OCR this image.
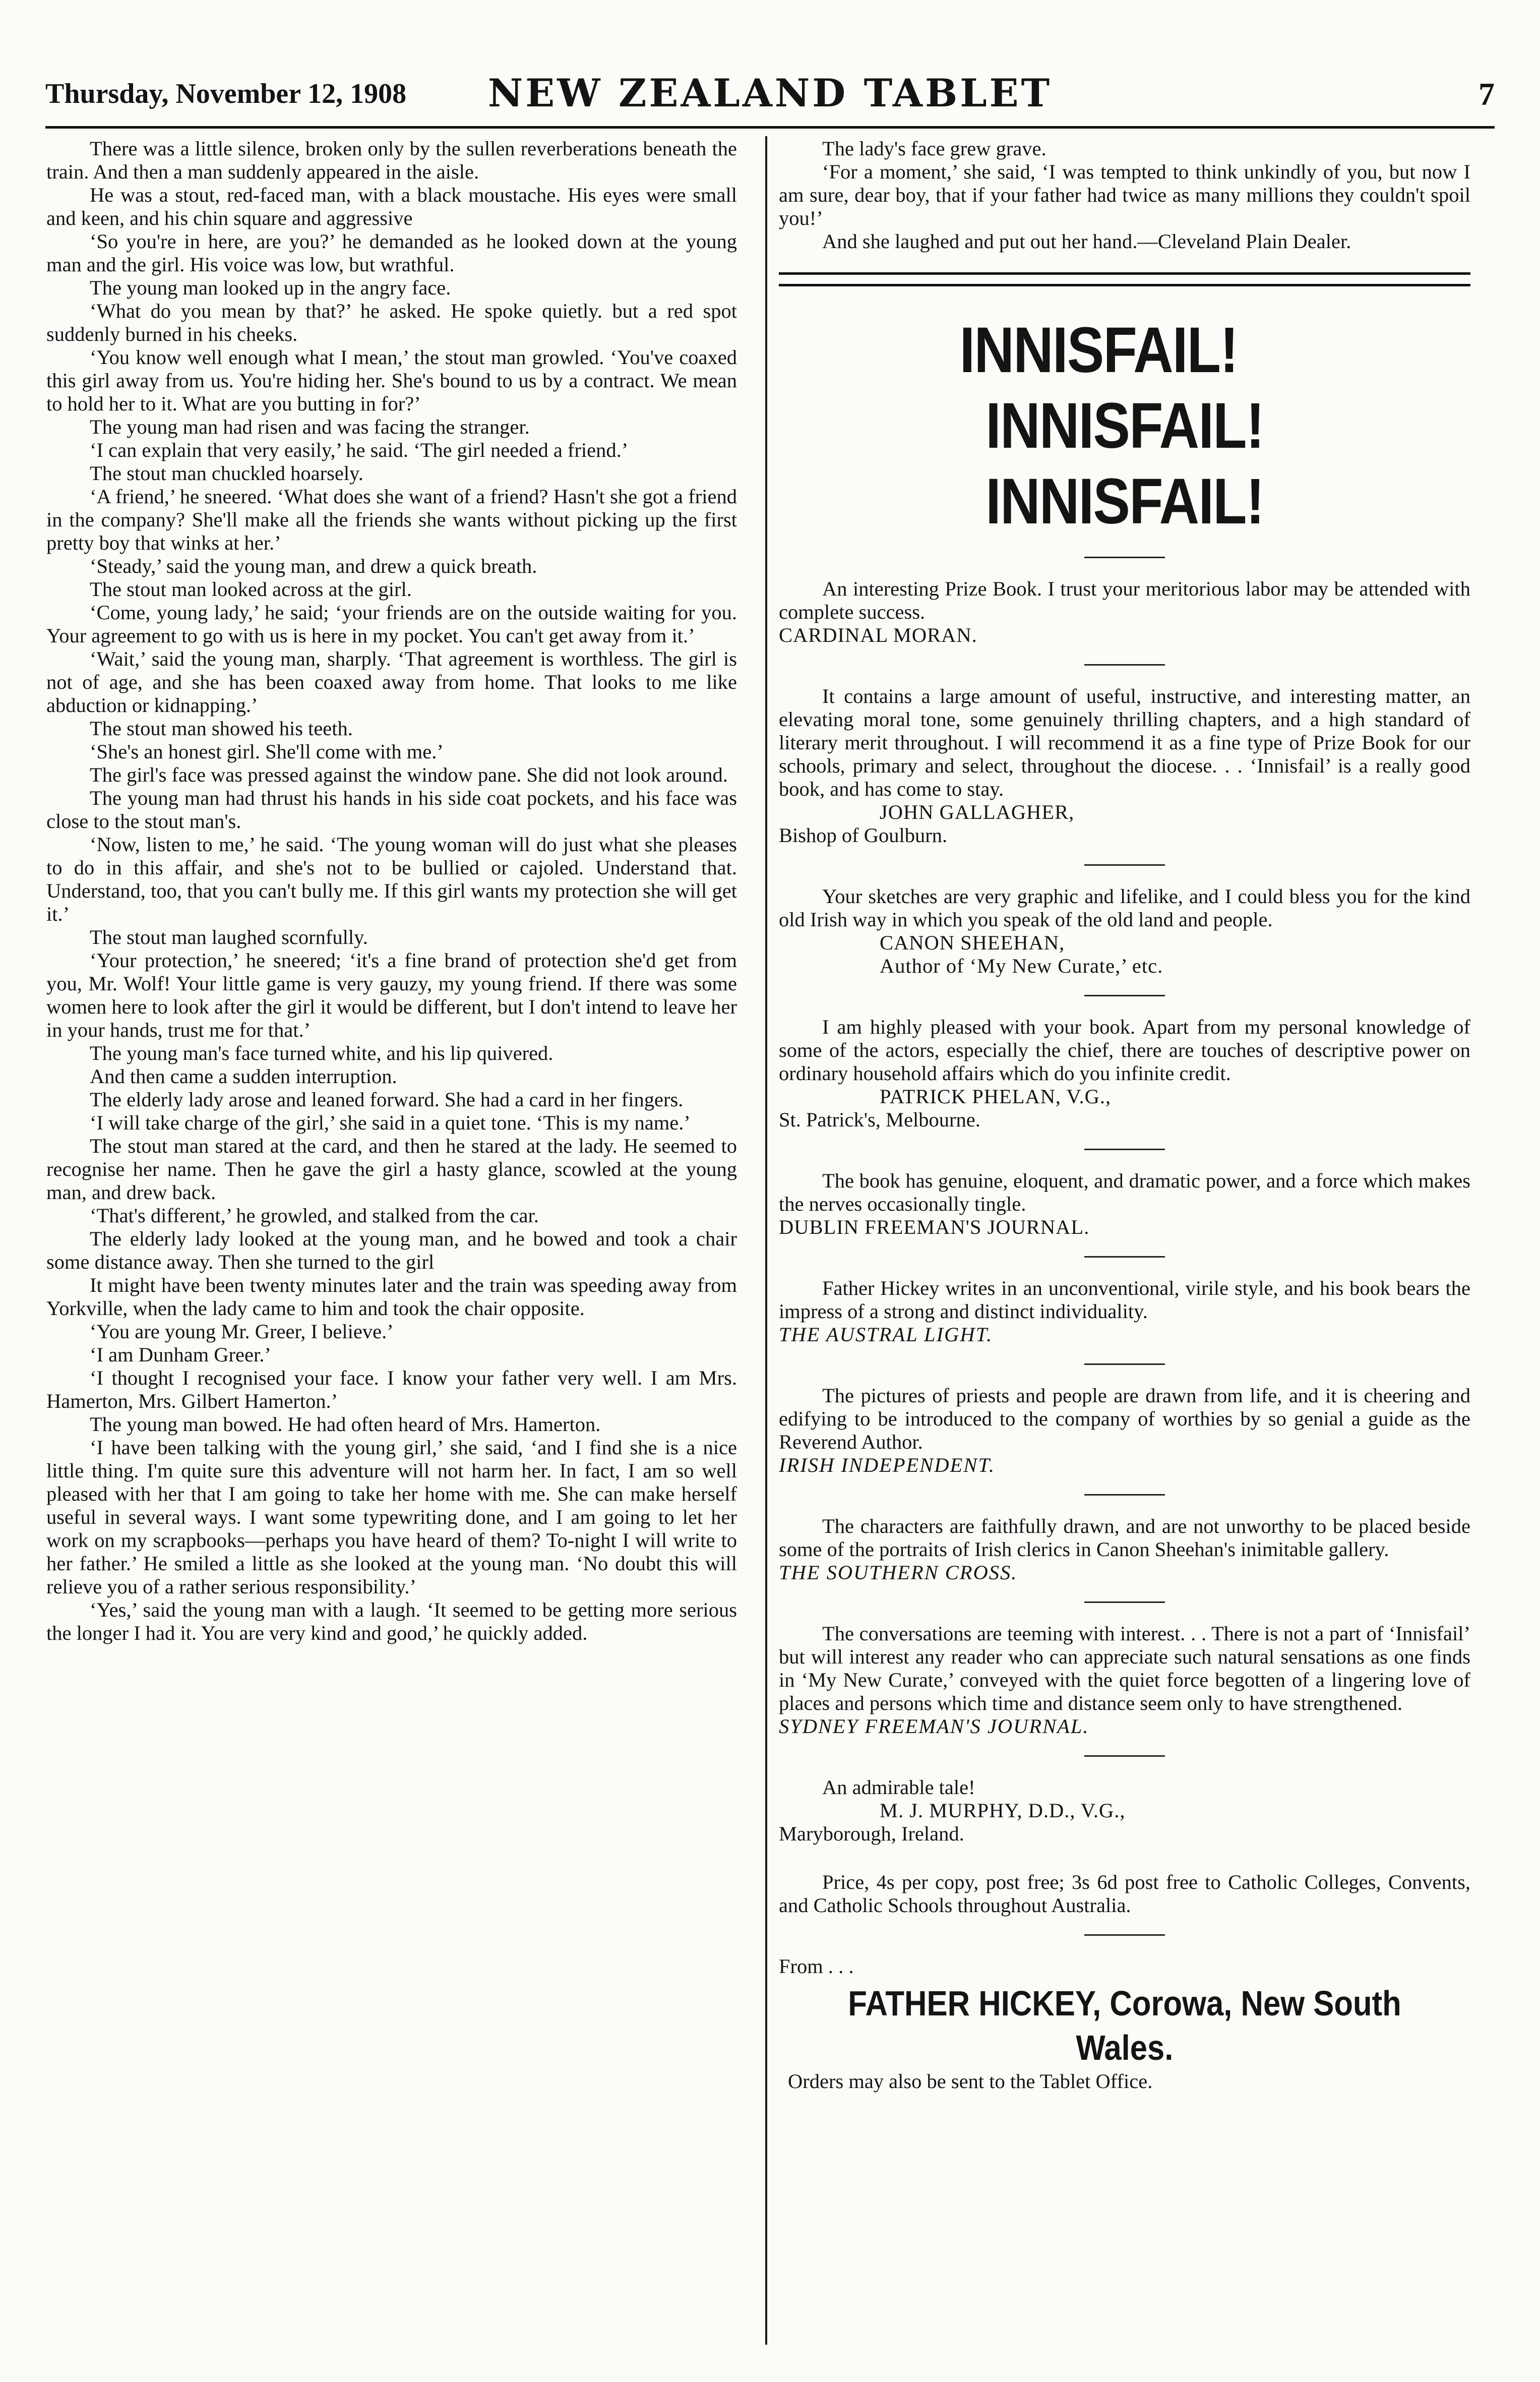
Thursday, November 12, 1908	NEW ZEALAND TABLET	7

There was a little silence, broken only by the sullen reverberations beneath the train. And then a man suddenly appeared in the aisle.

He was a stout, red-faced man, with a black moustache. His eyes were small and keen, and his chin square and aggressive

‘So you're in here, are you?’ he demanded as he looked down at the young man and the girl. His voice was low, but wrathful.

The young man looked up in the angry face.

‘What do you mean by that?’ he asked. He spoke quietly. but a red spot suddenly burned in his cheeks.

‘You know well enough what I mean,’ the stout man growled. ‘You've coaxed this girl away from us. You're hiding her. She's bound to us by a contract. We mean to hold her to it. What are you butting in for?’

The young man had risen and was facing the stranger.

‘I can explain that very easily,’ he said. ‘The girl needed a friend.’

The stout man chuckled hoarsely.

‘A friend,’ he sneered. ‘What does she want of a friend? Hasn't she got a friend in the company? She'll make all the friends she wants without picking up the first pretty boy that winks at her.’

‘Steady,’ said the young man, and drew a quick breath.

The stout man looked across at the girl.

‘Come, young lady,’ he said; ‘your friends are on the outside waiting for you. Your agreement to go with us is here in my pocket. You can't get away from it.’

‘Wait,’ said the young man, sharply. ‘That agreement is worthless. The girl is not of age, and she has been coaxed away from home. That looks to me like abduction or kidnapping.’

The stout man showed his teeth.

‘She's an honest girl. She'll come with me.’

The girl's face was pressed against the window pane. She did not look around.

The young man had thrust his hands in his side coat pockets, and his face was close to the stout man's.

‘Now, listen to me,’ he said. ‘The young woman will do just what she pleases to do in this affair, and she's not to be bullied or cajoled. Understand that. Understand, too, that you can't bully me. If this girl wants my protection she will get it.’

The stout man laughed scornfully.

‘Your protection,’ he sneered; ‘it's a fine brand of protection she'd get from you, Mr. Wolf! Your little game is very gauzy, my young friend. If there was some women here to look after the girl it would be different, but I don't intend to leave her in your hands, trust me for that.’

The young man's face turned white, and his lip quivered.

And then came a sudden interruption.

The elderly lady arose and leaned forward. She had a card in her fingers.

‘I will take charge of the girl,’ she said in a quiet tone. ‘This is my name.’

The stout man stared at the card, and then he stared at the lady. He seemed to recognise her name. Then he gave the girl a hasty glance, scowled at the young man, and drew back.

‘That's different,’ he growled, and stalked from the car.

The elderly lady looked at the young man, and he bowed and took a chair some distance away. Then she turned to the girl

It might have been twenty minutes later and the train was speeding away from Yorkville, when the lady came to him and took the chair opposite.

‘You are young Mr. Greer, I believe.’

‘I am Dunham Greer.’

‘I thought I recognised your face. I know your father very well. I am Mrs. Hamerton, Mrs. Gilbert Hamerton.’

The young man bowed. He had often heard of Mrs. Hamerton.

‘I have been talking with the young girl,’ she said, ‘and I find she is a nice little thing. I'm quite sure this adventure will not harm her. In fact, I am so well pleased with her that I am going to take her home with me. She can make herself useful in several ways. I want some typewriting done, and I am going to let her work on my scrapbooks—perhaps you have heard of them? To-night I will write to her father.’ He smiled a little as she looked at the young man. ‘No doubt this will relieve you of a rather serious responsibility.’

‘Yes,’ said the young man with a laugh. ‘It seemed to be getting more serious the longer I had it. You are very kind and good,’ he quickly added.

The lady's face grew grave.

‘For a moment,’ she said, ‘I was tempted to think unkindly of you, but now I am sure, dear boy, that if your father had twice as many millions they couldn't spoil you!’

And she laughed and put out her hand.—Cleveland Plain Dealer.

INNISFAIL!INNISFAIL!
INNISFAIL!

An interesting Prize Book. I trust your meritorious labor may be attended with complete success.

CARDINAL MORAN.

It contains a large amount of useful, instructive, and interesting matter, an elevating moral tone, some genuinely thrilling chapters, and a high standard of literary merit throughout. I will recommend it as a fine type of Prize Book for our schools, primary and select, throughout the diocese. . . ‘Innisfail’ is a really good book, and has come to stay.

JOHN GALLAGHER,

Bishop of Goulburn.

Your sketches are very graphic and lifelike, and I could bless you for the kind old Irish way in which you speak of the old land and people.

CANON SHEEHAN,

Author of ‘My New Curate,’ etc.

I am highly pleased with your book. Apart from my personal knowledge of some of the actors, especially the chief, there are touches of descriptive power on ordinary household affairs which do you infinite credit.

PATRICK PHELAN, V.G.,

St. Patrick's, Melbourne.

The book has genuine, eloquent, and dramatic power, and a force which makes the nerves occasionally tingle.

DUBLIN FREEMAN'S JOURNAL.

Father Hickey writes in an unconventional, virile style, and his book bears the impress of a strong and distinct individuality.

THE AUSTRAL LIGHT.

The pictures of priests and people are drawn from life, and it is cheering and edifying to be introduced to the company of worthies by so genial a guide as the Reverend Author.

IRISH INDEPENDENT.

The characters are faithfully drawn, and are not unworthy to be placed beside some of the portraits of Irish clerics in Canon Sheehan's inimitable gallery.

THE SOUTHERN CROSS.

The conversations are teeming with interest. . . There is not a part of ‘Innisfail’ but will interest any reader who can appreciate such natural sensations as one finds in ‘My New Curate,’ conveyed with the quiet force begotten of a lingering love of places and persons which time and distance seem only to have strengthened.

SYDNEY FREEMAN'S JOURNAL.

An admirable tale!

M. J. MURPHY, D.D., V.G.,

Maryborough, Ireland.

Price, 4s per copy, post free; 3s 6d post free to Catholic Colleges, Convents, and Catholic Schools throughout Australia.

From . . .

FATHER HICKEY, Corowa, New South Wales.

Orders may also be sent to the Tablet Office.
